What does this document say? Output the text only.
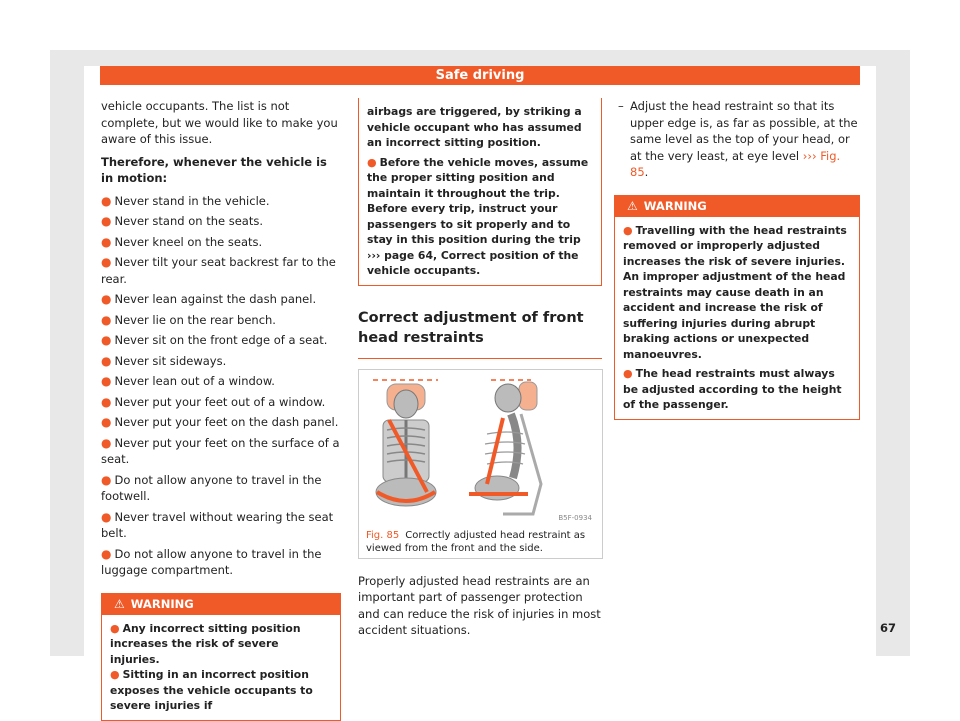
Safe driving

vehicle occupants. The list is not complete, but we would like to make you aware of this issue.

Therefore, whenever the vehicle is in motion:

● Never stand in the vehicle.
● Never stand on the seats.
● Never kneel on the seats.
● Never tilt your seat backrest far to the rear.
● Never lean against the dash panel.
● Never lie on the rear bench.
● Never sit on the front edge of a seat.
● Never sit sideways.
● Never lean out of a window.
● Never put your feet out of a window.
● Never put your feet on the dash panel.
● Never put your feet on the surface of a seat.
● Do not allow anyone to travel in the footwell.
● Never travel without wearing the seat belt.
● Do not allow anyone to travel in the luggage compartment.
⚠ WARNING
● Any incorrect sitting position increases the risk of severe injuries.
● Sitting in an incorrect position exposes the vehicle occupants to severe injuries if
airbags are triggered, by striking a vehicle occupant who has assumed an incorrect sitting position.
● Before the vehicle moves, assume the proper sitting position and maintain it throughout the trip. Before every trip, instruct your passengers to sit properly and to stay in this position during the trip
››› page 64, Correct position of the vehicle occupants.
Correct adjustment of front head restraints
B5F-0934
Fig. 85 Correctly adjusted head restraint as viewed from the front and the side.

Properly adjusted head restraints are an important part of passenger protection and can reduce the risk of injuries in most accident situations.

– Adjust the head restraint so that its upper edge is, as far as possible, at the same level as the top of your head, or at the very least, at eye level ››› Fig. 85.
⚠ WARNING
● Travelling with the head restraints removed or improperly adjusted increases the risk of severe injuries. An improper adjustment of the head restraints may cause death in an accident and increase the risk of suffering injuries during abrupt braking actions or unexpected manoeuvres.
● The head restraints must always be adjusted according to the height of the passenger.
67
